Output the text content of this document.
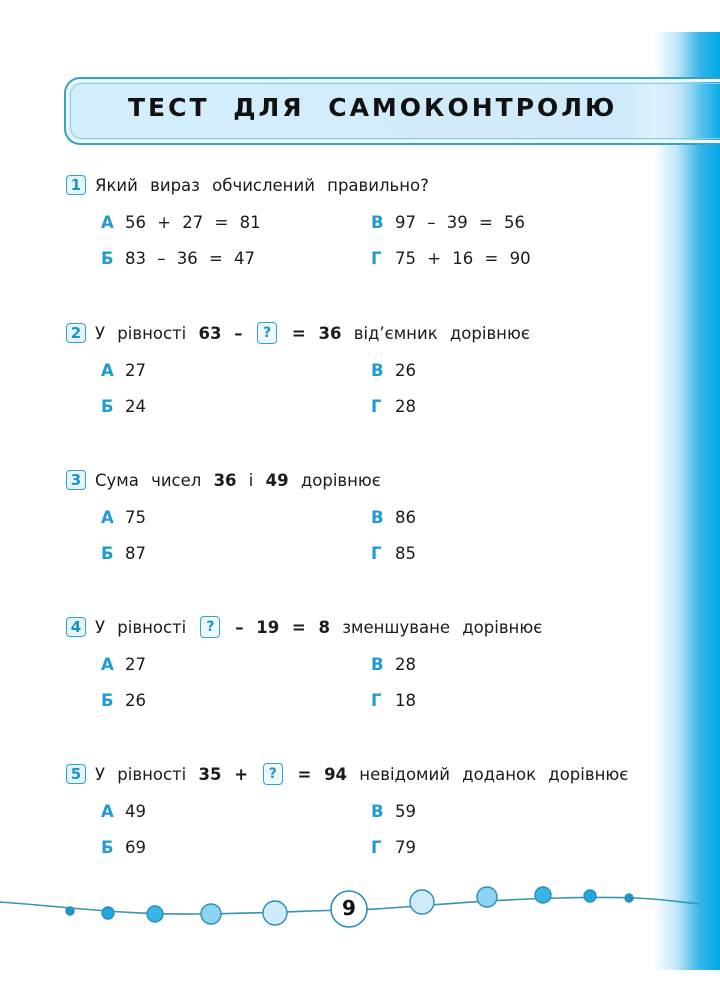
ТЕСТ ДЛЯ САМОКОНТРОЛЮ
1 Який вираз обчислений правильно?
А 56 + 27 = 81
Б 83 – 36 = 47
В 97 – 39 = 56
Г 75 + 16 = 90
2 У рівності 63 – ? = 36 від’ємник дорівнює
А 27
Б 24
В 26
Г 28
3 Сума чисел 36 і 49 дорівнює
А 75
Б 87
В 86
Г 85
4 У рівності ? – 19 = 8 зменшуване дорівнює
А 27
Б 26
В 28
Г 18
5 У рівності 35 + ? = 94 невідомий доданок дорівнює
А 49
Б 69
В 59
Г 79
9
